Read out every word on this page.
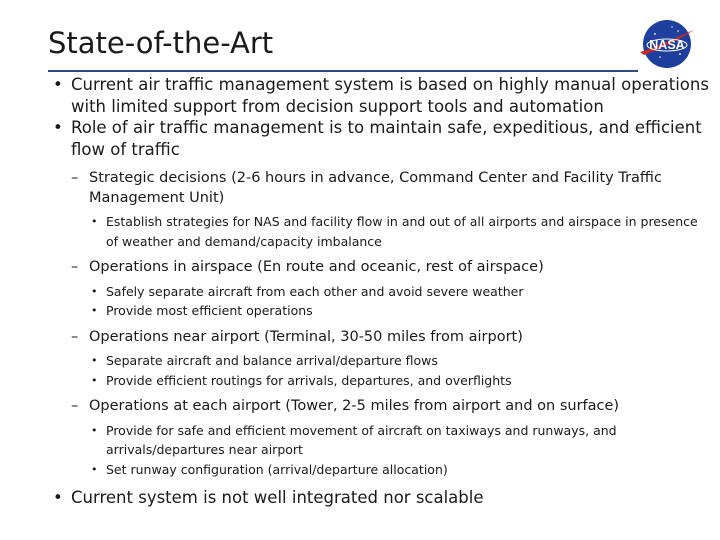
State-of-the-Art	NASA
• Current air traffic management system is based on highly manual operations with limited support from decision support tools and automation
• Role of air traffic management is to maintain safe, expeditious, and efficient flow of traffic
– Strategic decisions (2-6 hours in advance, Command Center and Facility Traffic Management Unit)
• Establish strategies for NAS and facility flow in and out of all airports and airspace in presence of weather and demand/capacity imbalance
– Operations in airspace (En route and oceanic, rest of airspace)
• Safely separate aircraft from each other and avoid severe weather
• Provide most efficient operations
– Operations near airport (Terminal, 30-50 miles from airport)
• Separate aircraft and balance arrival/departure flows
• Provide efficient routings for arrivals, departures, and overflights
– Operations at each airport (Tower, 2-5 miles from airport and on surface)
• Provide for safe and efficient movement of aircraft on taxiways and runways, and arrivals/departures near airport
• Set runway configuration (arrival/departure allocation)
• Current system is not well integrated nor scalable
